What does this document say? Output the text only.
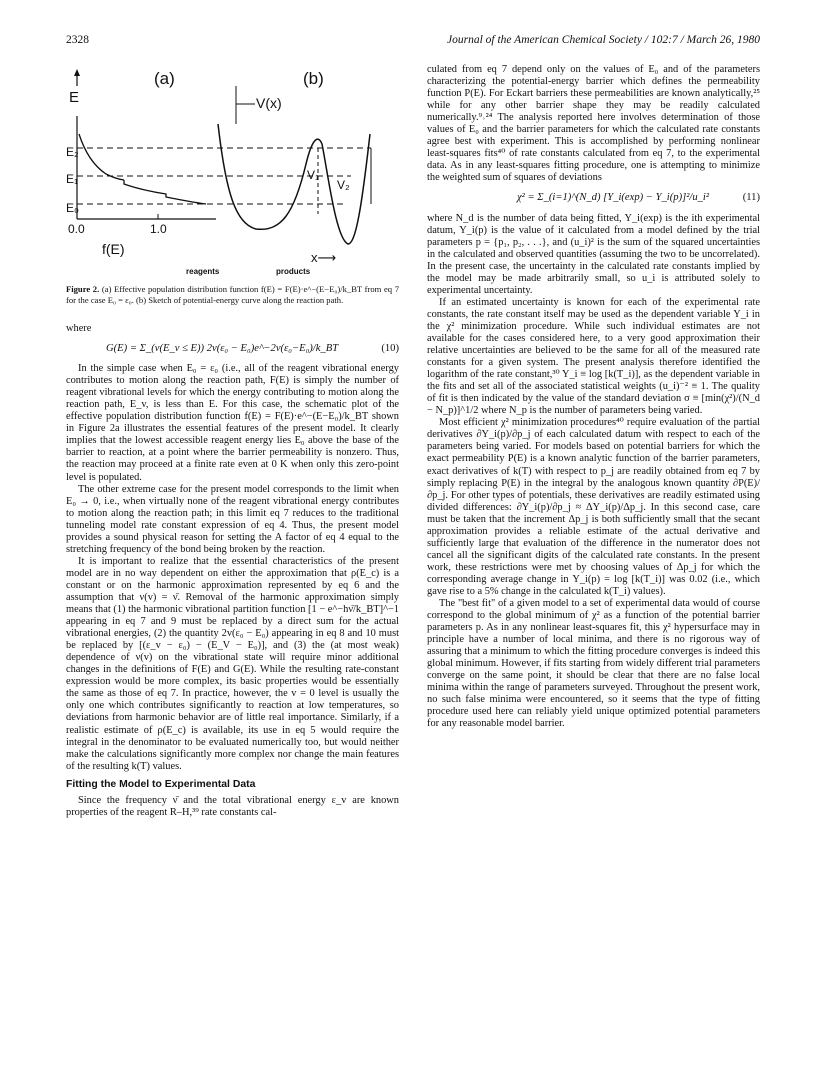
2328	Journal of the American Chemical Society / 102:7 / March 26, 1980
(a)
E
E₂
E₁
E₀
0.0	1.0
f(E)
(b)
V(x)
V₁
V₂
x⟶
reagents	products
Figure 2. (a) Effective population distribution function f(E) = F(E)·e^−(E−E₀)/k_BT from eq 7 for the case E₀ = ε₀. (b) Sketch of potential-energy curve along the reaction path.

where

G(E) = Σ_(v(E_v ≤ E)) 2v(ε₀ − E₀)e^−2v(ε₀−E₀)/k_BT	(10)

In the simple case when E₀ = ε₀ (i.e., all of the reagent vibrational energy contributes to motion along the reaction path, F(E) is simply the number of reagent vibrational levels for which the energy contributing to motion along the reaction path, E_v, is less than E. For this case, the schematic plot of the effective population distribution function f(E) = F(E)·e^−(E−E₀)/k_BT shown in Figure 2a illustrates the essential features of the present model. It clearly implies that the lowest accessible reagent energy lies E₀ above the base of the barrier to reaction, at a point where the barrier permeability is nonzero. Thus, the reaction may proceed at a finite rate even at 0 K when only this zero-point level is populated.

The other extreme case for the present model corresponds to the limit when E₀ → 0, i.e., when virtually none of the reagent vibrational energy contributes to motion along the reaction path; in this limit eq 7 reduces to the traditional tunneling model rate constant expression of eq 4. Thus, the present model provides a sound physical reason for setting the A factor of eq 4 equal to the stretching frequency of the bond being broken by the reaction.

It is important to realize that the essential characteristics of the present model are in no way dependent on either the approximation that ρ(E_c) is a constant or on the harmonic approximation represented by eq 6 and the assumption that ν(v) = ν̄. Removal of the harmonic approximation simply means that (1) the harmonic vibrational partition function [1 − e^−hν̄/k_BT]^−1 appearing in eq 7 and 9 must be replaced by a direct sum for the actual vibrational energies, (2) the quantity 2v(ε₀ − E₀) appearing in eq 8 and 10 must be replaced by [(ε_v − ε₀) − (E_V − E₀)], and (3) the (at most weak) dependence of ν(v) on the vibrational state will require minor additional changes in the definitions of F(E) and G(E). While the resulting rate-constant expression would be more complex, its basic properties would be essentially the same as those of eq 7. In practice, however, the v = 0 level is usually the only one which contributes significantly to reaction at low temperatures, so deviations from harmonic behavior are of little real importance. Similarly, if a realistic estimate of ρ(E_c) is available, its use in eq 5 would require the integral in the denominator to be evaluated numerically too, but would neither make the calculations significantly more complex nor change the main features of the resulting k(T) values.

Fitting the Model to Experimental Data

Since the frequency ν̄ and the total vibrational energy ε_v are known properties of the reagent R–H,³⁹ rate constants cal-

culated from eq 7 depend only on the values of E₀ and of the parameters characterizing the potential-energy barrier which defines the permeability function P(E). For Eckart barriers these permeabilities are known analytically,²⁵ while for any other barrier shape they may be readily calculated numerically.⁹˒²⁴ The analysis reported here involves determination of those values of E₀ and the barrier parameters for which the calculated rate constants agree best with experiment. This is accomplished by performing nonlinear least-squares fits⁴⁰ of rate constants calculated from eq 7, to the experimental data. As in any least-squares fitting procedure, one is attempting to minimize the weighted sum of squares of deviations

χ² = Σ_(i=1)^(N_d) [Y_i(exp) − Y_i(p)]²/u_i²	(11)

where N_d is the number of data being fitted, Y_i(exp) is the ith experimental datum, Y_i(p) is the value of it calculated from a model defined by the trial parameters p = {p₁, p₂, . . .}, and (u_i)² is the sum of the squared uncertainties in the calculated and observed quantities (assuming the two to be uncorrelated). In the present case, the uncertainty in the calculated rate constants implied by the model may be made arbitrarily small, so u_i is attributed solely to experimental uncertainty.

If an estimated uncertainty is known for each of the experimental rate constants, the rate constant itself may be used as the dependent variable Y_i in the χ² minimization procedure. While such individual estimates are not available for the cases considered here, to a very good approximation their relative uncertainties are believed to be the same for all of the measured rate constants for a given system. The present analysis therefore identified the logarithm of the rate constant,³⁰ Y_i ≡ log [k(T_i)], as the dependent variable in the fits and set all of the associated statistical weights (u_i)⁻² ≡ 1. The quality of fit is then indicated by the value of the standard deviation σ ≡ [min(χ²)/(N_d − N_p)]^1/2 where N_p is the number of parameters being varied.

Most efficient χ² minimization procedures⁴⁰ require evaluation of the partial derivatives ∂Y_i(p)/∂p_j of each calculated datum with respect to each of the parameters being varied. For models based on potential barriers for which the exact permeability P(E) is a known analytic function of the barrier parameters, exact derivatives of k(T) with respect to p_j are readily obtained from eq 7 by simply replacing P(E) in the integral by the analogous known quantity ∂P(E)/∂p_j. For other types of potentials, these derivatives are readily estimated using divided differences: ∂Y_i(p)/∂p_j ≈ ΔY_i(p)/Δp_j. In this second case, care must be taken that the increment Δp_j is both sufficiently small that the secant approximation provides a reliable estimate of the actual derivative and sufficiently large that evaluation of the difference in the numerator does not cancel all the significant digits of the calculated rate constants. In the present work, these restrictions were met by choosing values of Δp_j for which the corresponding average change in Y_i(p) = log [k(T_i)] was 0.02 (i.e., which gave rise to a 5% change in the calculated k(T_i) values).

The "best fit" of a given model to a set of experimental data would of course correspond to the global minimum of χ² as a function of the potential barrier parameters p. As in any nonlinear least-squares fit, this χ² hypersurface may in principle have a number of local minima, and there is no rigorous way of assuring that a minimum to which the fitting procedure converges is indeed this global minimum. However, if fits starting from widely different trial parameters converge on the same point, it should be clear that there are no false local minima within the range of parameters surveyed. Throughout the present work, no such false minima were encountered, so it seems that the type of fitting procedure used here can reliably yield unique optimized potential parameters for any reasonable model barrier.
